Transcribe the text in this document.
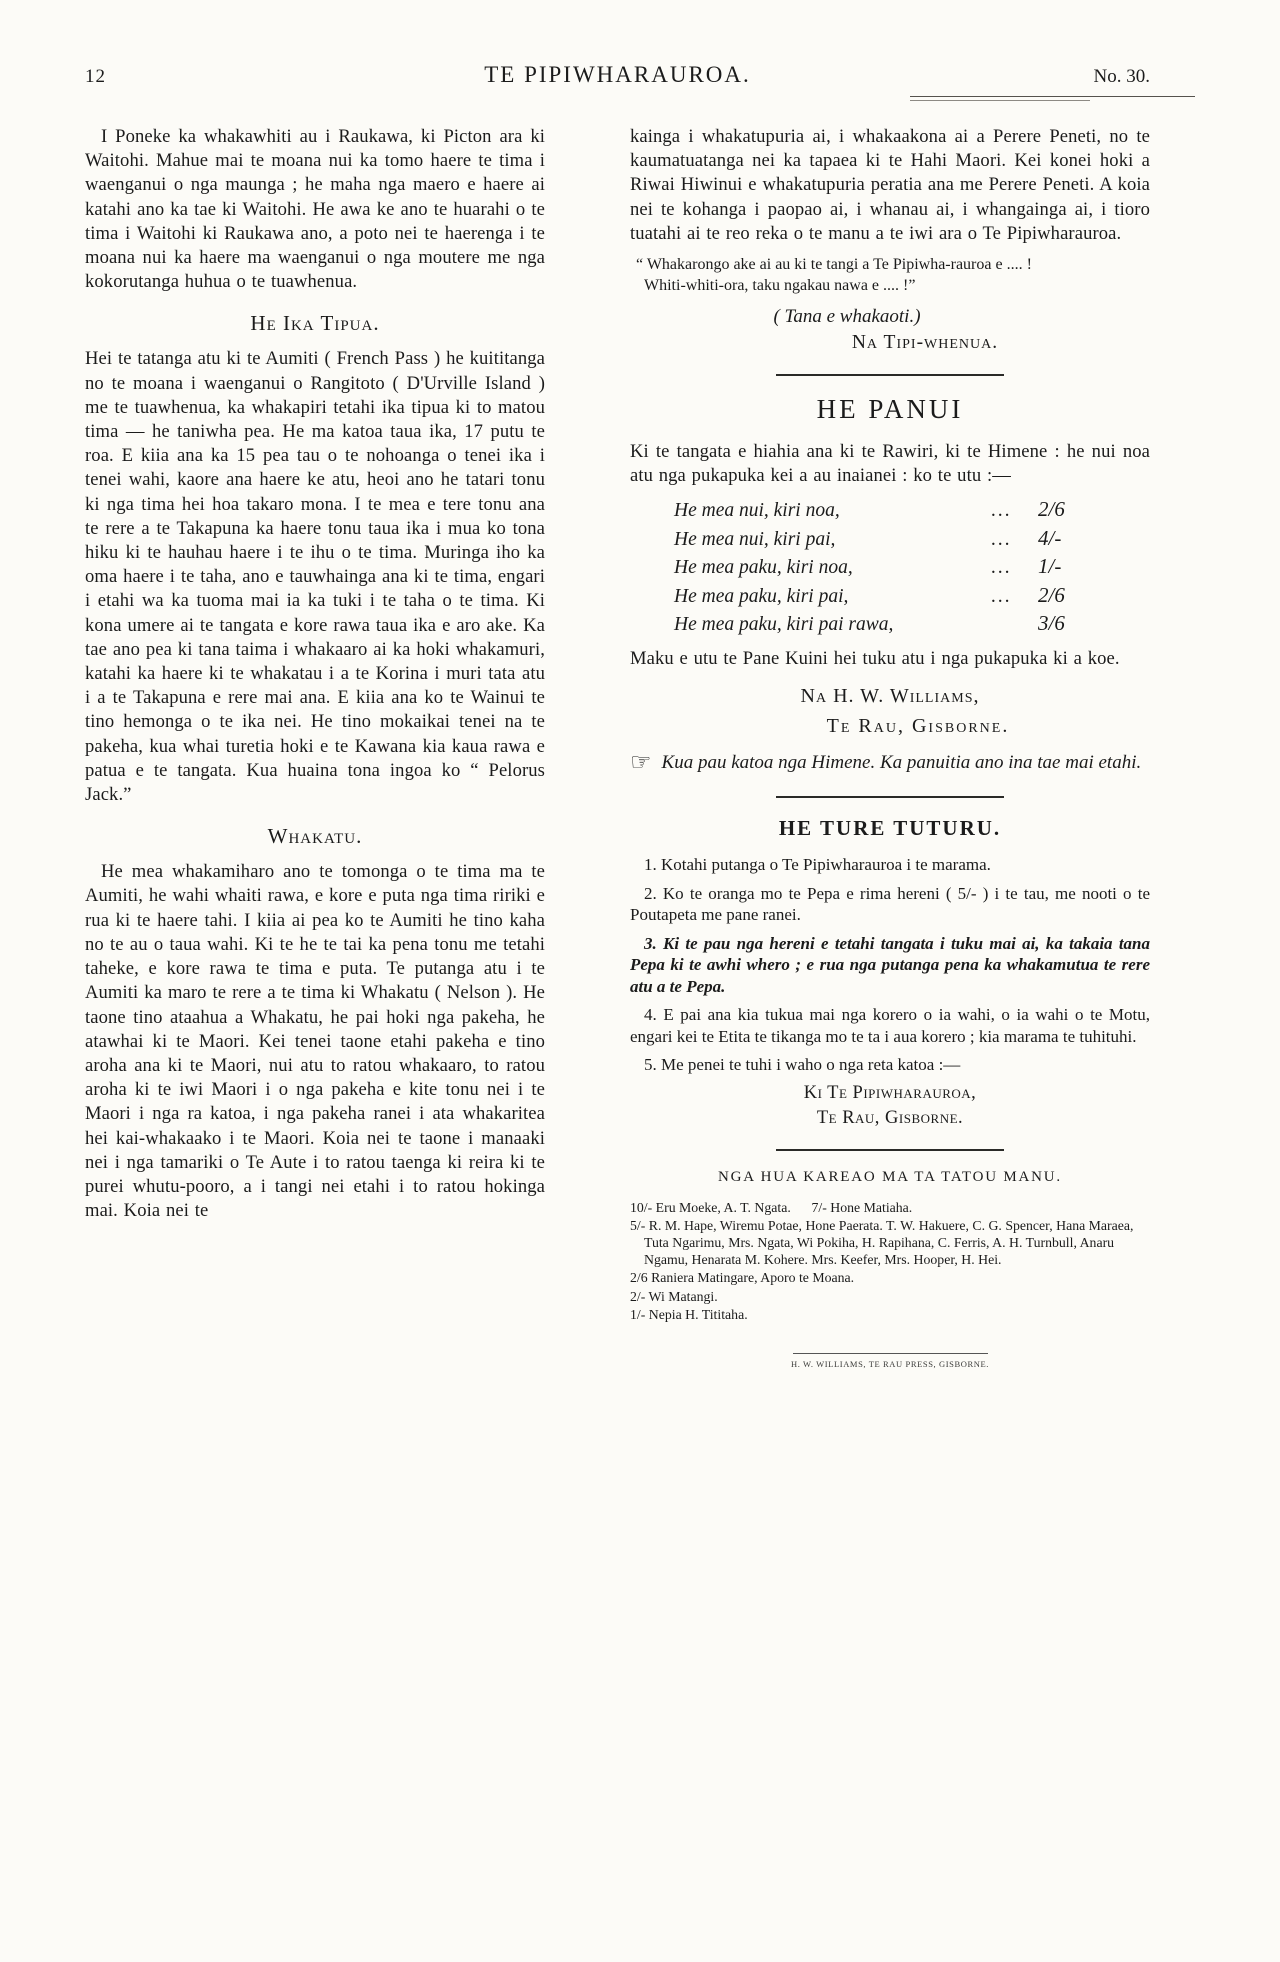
12	TE PIPIWHARAUROA.	No. 30.

I Poneke ka whakawhiti au i Raukawa, ki Picton ara ki Waitohi. Mahue mai te moana nui ka tomo haere te tima i waenganui o nga maunga ; he maha nga maero e haere ai katahi ano ka tae ki Waitohi. He awa ke ano te huarahi o te tima i Waitohi ki Raukawa ano, a poto nei te haerenga i te moana nui ka haere ma waenganui o nga moutere me nga kokorutanga huhua o te tuawhenua.

He Ika Tipua.

Hei te tatanga atu ki te Aumiti ( French Pass ) he kuititanga no te moana i waenganui o Rangitoto ( D'Urville Island ) me te tuawhenua, ka whakapiri tetahi ika tipua ki to matou tima — he taniwha pea. He ma katoa taua ika, 17 putu te roa. E kiia ana ka 15 pea tau o te nohoanga o tenei ika i tenei wahi, kaore ana haere ke atu, heoi ano he tatari tonu ki nga tima hei hoa takaro mona. I te mea e tere tonu ana te rere a te Takapuna ka haere tonu taua ika i mua ko tona hiku ki te hauhau haere i te ihu o te tima. Muringa iho ka oma haere i te taha, ano e tauwhainga ana ki te tima, engari i etahi wa ka tuoma mai ia ka tuki i te taha o te tima. Ki kona umere ai te tangata e kore rawa taua ika e aro ake. Ka tae ano pea ki tana taima i whakaaro ai ka hoki whakamuri, katahi ka haere ki te whakatau i a te Korina i muri tata atu i a te Takapuna e rere mai ana. E kiia ana ko te Wainui te tino hemonga o te ika nei. He tino mokaikai tenei na te pakeha, kua whai turetia hoki e te Kawana kia kaua rawa e patua e te tangata. Kua huaina tona ingoa ko “ Pelorus Jack.”

Whakatu.

He mea whakamiharo ano te tomonga o te tima ma te Aumiti, he wahi whaiti rawa, e kore e puta nga tima ririki e rua ki te haere tahi. I kiia ai pea ko te Aumiti he tino kaha no te au o taua wahi. Ki te he te tai ka pena tonu me tetahi taheke, e kore rawa te tima e puta. Te putanga atu i te Aumiti ka maro te rere a te tima ki Whakatu ( Nelson ). He taone tino ataahua a Whakatu, he pai hoki nga pakeha, he atawhai ki te Maori. Kei tenei taone etahi pakeha e tino aroha ana ki te Maori, nui atu to ratou whakaaro, to ratou aroha ki te iwi Maori i o nga pakeha e kite tonu nei i te Maori i nga ra katoa, i nga pakeha ranei i ata whakaritea hei kai-whakaako i te Maori. Koia nei te taone i manaaki nei i nga tamariki o Te Aute i to ratou taenga ki reira ki te purei whutu-pooro, a i tangi nei etahi i to ratou hokinga mai. Koia nei te

kainga i whakatupuria ai, i whakaakona ai a Perere Peneti, no te kaumatuatanga nei ka tapaea ki te Hahi Maori. Kei konei hoki a Riwai Hiwinui e whakatupuria peratia ana me Perere Peneti. A koia nei te kohanga i paopao ai, i whanau ai, i whangainga ai, i tioro tuatahi ai te reo reka o te manu a te iwi ara o Te Pipiwharauroa.

“ Whakarongo ake ai au ki te tangi a Te Pipiwha-rauroa e .... !
Whiti-whiti-ora, taku ngakau nawa e .... !”
( Tana e whakaoti.)
Na Tipi-whenua.
HE PANUI

Ki te tangata e hiahia ana ki te Rawiri, ki te Himene : he nui noa atu nga pukapuka kei a au inaianei : ko te utu :—

He mea nui, kiri noa,	...	2/6
He mea nui, kiri pai,	...	4/-
He mea paku, kiri noa,	...	1/-
He mea paku, kiri pai,	...	2/6
He mea paku, kiri pai rawa,	3/6

Maku e utu te Pane Kuini hei tuku atu i nga pukapuka ki a koe.

Na H. W. Williams,
Te Rau, Gisborne.

☞ Kua pau katoa nga Himene. Ka panuitia ano ina tae mai etahi.

HE TURE TUTURU.

1. Kotahi putanga o Te Pipiwharauroa i te marama.

2. Ko te oranga mo te Pepa e rima hereni ( 5/- ) i te tau, me nooti o te Poutapeta me pane ranei.

3. Ki te pau nga hereni e tetahi tangata i tuku mai ai, ka takaia tana Pepa ki te awhi whero ; e rua nga putanga pena ka whakamutua te rere atu a te Pepa.

4. E pai ana kia tukua mai nga korero o ia wahi, o ia wahi o te Motu, engari kei te Etita te tikanga mo te ta i aua korero ; kia marama te tuhituhi.

5. Me penei te tuhi i waho o nga reta katoa :—

Ki Te Pipiwharauroa,
Te Rau, Gisborne.
NGA HUA KAREAO MA TA TATOU MANU.
10/- Eru Moeke, A. T. Ngata.      7/- Hone Matiaha.
5/- R. M. Hape, Wiremu Potae, Hone Paerata. T. W. Hakuere, C. G. Spencer, Hana Maraea, Tuta Ngarimu, Mrs. Ngata, Wi Pokiha, H. Rapihana, C. Ferris, A. H. Turnbull, Anaru Ngamu, Henarata M. Kohere. Mrs. Keefer, Mrs. Hooper, H. Hei.
2/6 Raniera Matingare, Aporo te Moana.
2/- Wi Matangi.
1/- Nepia H. Tititaha.
H. W. WILLIAMS, TE RAU PRESS, GISBORNE.
